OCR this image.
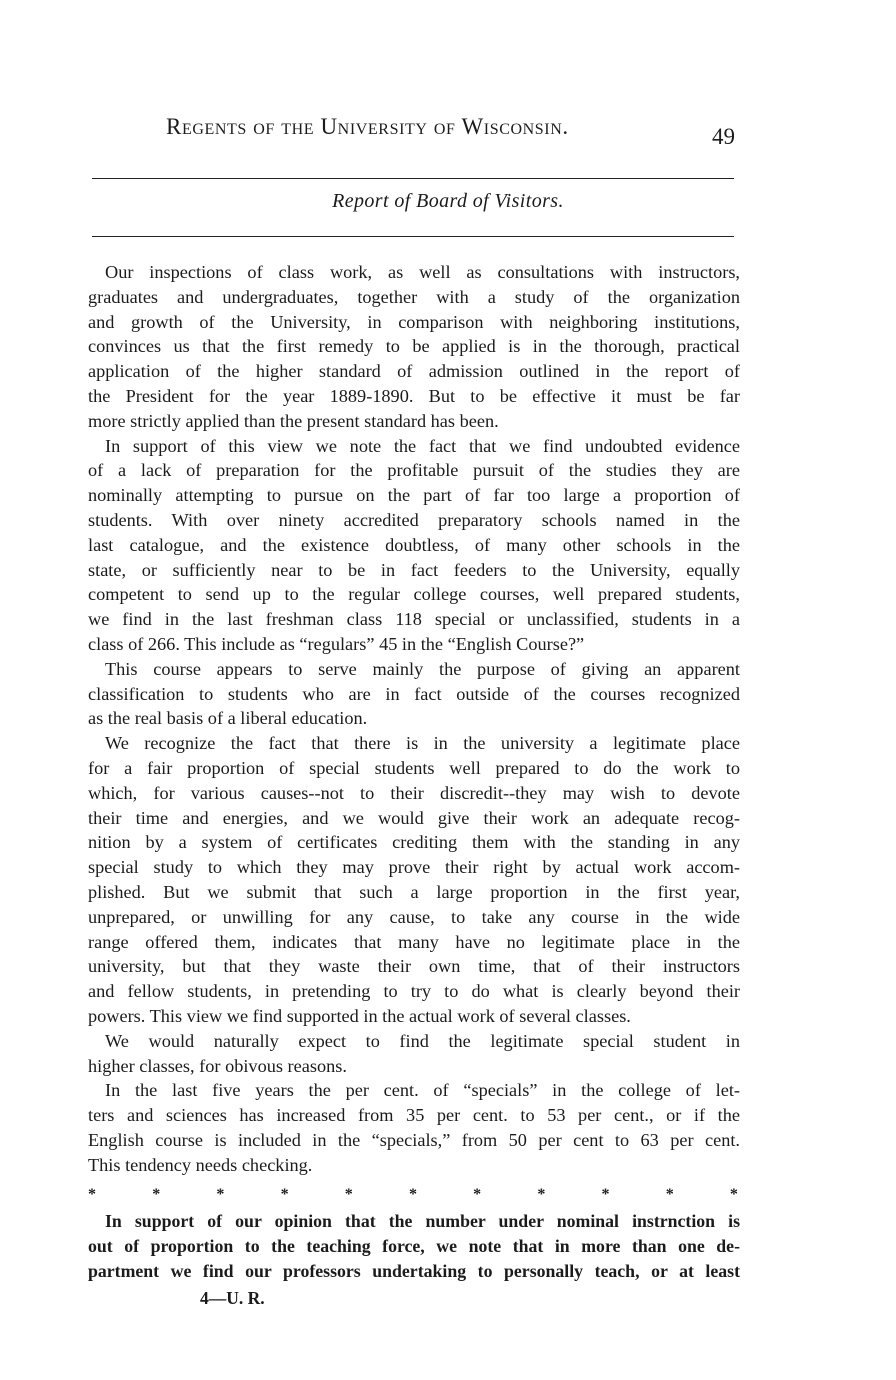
Regents of the University of Wisconsin.	49
Report of Board of Visitors.
Our inspections of class work, as well as consultations with instructors,
graduates and undergraduates, together with a study of the organization
and growth of the University, in comparison with neighboring institutions,
convinces us that the first remedy to be applied is in the thorough, practical
application of the higher standard of admission outlined in the report of
the President for the year 1889-1890. But to be effective it must be far
more strictly applied than the present standard has been.
In support of this view we note the fact that we find undoubted evidence
of a lack of preparation for the profitable pursuit of the studies they are
nominally attempting to pursue on the part of far too large a proportion of
students. With over ninety accredited preparatory schools named in the
last catalogue, and the existence doubtless, of many other schools in the
state, or sufficiently near to be in fact feeders to the University, equally
competent to send up to the regular college courses, well prepared students,
we find in the last freshman class 118 special or unclassified, students in a
class of 266. This include as “regulars” 45 in the “English Course?”
This course appears to serve mainly the purpose of giving an apparent
classification to students who are in fact outside of the courses recognized
as the real basis of a liberal education.
We recognize the fact that there is in the university a legitimate place
for a fair proportion of special students well prepared to do the work to
which, for various causes--not to their discredit--they may wish to devote
their time and energies, and we would give their work an adequate recog-
nition by a system of certificates crediting them with the standing in any
special study to which they may prove their right by actual work accom-
plished. But we submit that such a large proportion in the first year,
unprepared, or unwilling for any cause, to take any course in the wide
range offered them, indicates that many have no legitimate place in the
university, but that they waste their own time, that of their instructors
and fellow students, in pretending to try to do what is clearly beyond their
powers. This view we find supported in the actual work of several classes.
We would naturally expect to find the legitimate special student in
higher classes, for obivous reasons.
In the last five years the per cent. of “specials” in the college of let-
ters and sciences has increased from 35 per cent. to 53 per cent., or if the
English course is included in the “specials,” from 50 per cent to 63 per cent.
This tendency needs checking.
*	*	*	*	*	*	*	*	*	*	*
In support of our opinion that the number under nominal instrnction is
out of proportion to the teaching force, we note that in more than one de-
partment we find our professors undertaking to personally teach, or at least
4—U. R.
